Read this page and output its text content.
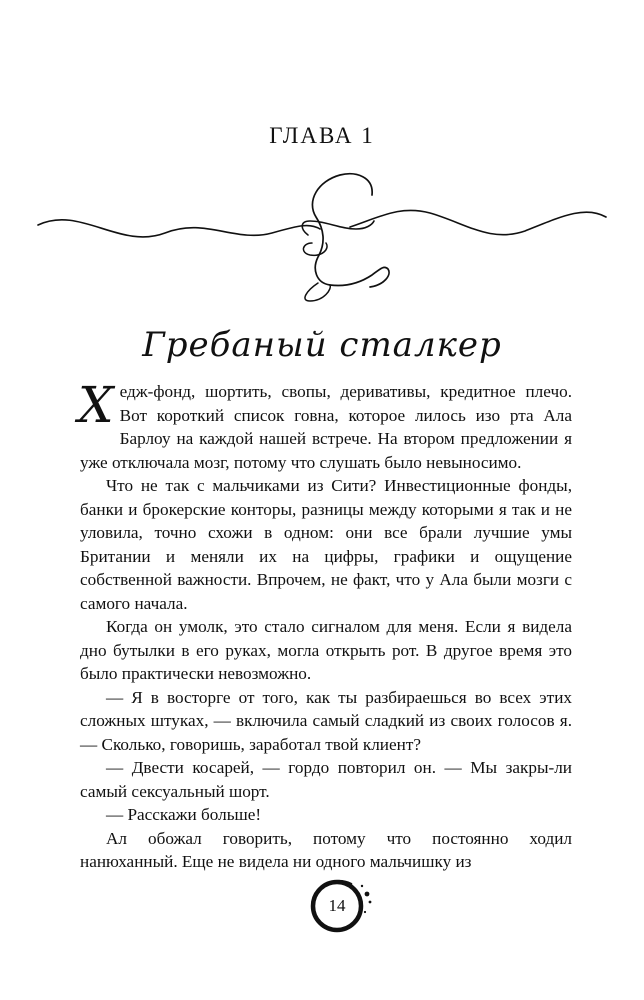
ГЛАВА 1
Гребаный сталкер

Хедж-фонд, шортить, свопы, деривативы, кредитное плечо. Вот короткий список говна, которое лилось изо рта Ала Барлоу на каждой нашей встрече. На втором предложении я уже отключала мозг, потому что слушать было невыносимо.

Что не так с мальчиками из Сити? Инвестиционные фонды, банки и брокерские конторы, разницы между которыми я так и не уловила, точно схожи в одном: они все брали лучшие умы Британии и меняли их на цифры, графики и ощущение собственной важности. Впрочем, не факт, что у Ала были мозги с самого начала.

Когда он умолк, это стало сигналом для меня. Если я видела дно бутылки в его руках, могла открыть рот. В другое время это было практически невозможно.

— Я в восторге от того, как ты разбираешься во всех этих сложных штуках, — включила самый сладкий из своих голосов я. — Сколько, говоришь, заработал твой клиент?

— Двести косарей, — гордо повторил он. — Мы закры-ли самый сексуальный шорт.

— Расскажи больше!

Ал обожал говорить, потому что постоянно ходил нанюханный. Еще не видела ни одного мальчишку из

14
